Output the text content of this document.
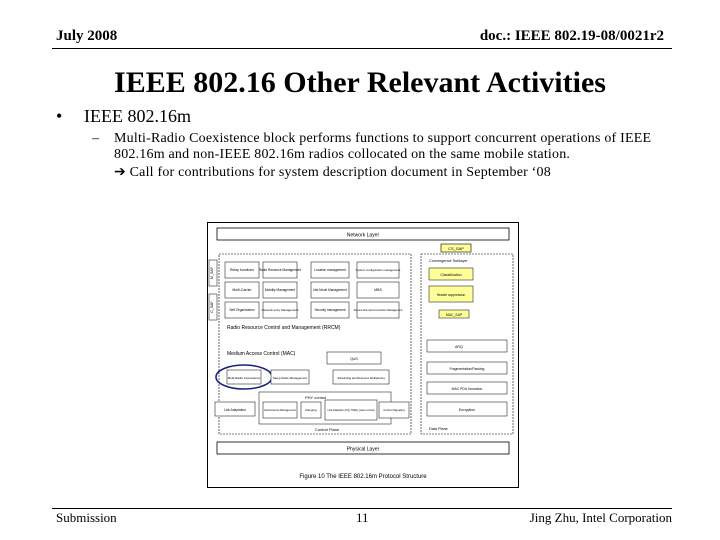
July 2008	doc.: IEEE 802.19-08/0021r2
IEEE 802.16 Other Relevant Activities
• IEEE 802.16m
– Multi-Radio Coexistence block performs functions to support concurrent operations of IEEE 802.16m and non-IEEE 802.16m radios collocated on the same mobile station.
➔ Call for contributions for system description document in September ‘08
Network Layer
CS_SAP
M_SAP
C_SAP
Relay functions Radio Resource Management	Location management	System configuration management
Multi-Carrier	Mobility Management	Idle Mode Management	MBS
Self Organization Network-entry Management	Security management	Service flow and Connection Management
Radio Resource Control and Management (RRCM)
Medium Access Control (MAC)
QoS
Multi-Radio Coexistence	Sleep Mode Management	Scheduling and Resource Multiplexing
PHY control
Link Adaptation	Interference Management	Ranging	Link Adaptation (CQI, HARQ, power control)	Control Signaling
Control Plane
Convergence Sublayer
Classification
Header suppression
MAC_SAP
ARQ
Fragmentation/Packing
MAC PDU formation
Encryption
Data Plane
Physical Layer
Figure 10 The IEEE 802.16m Protocol Structure
Submission	11	Jing Zhu, Intel Corporation
